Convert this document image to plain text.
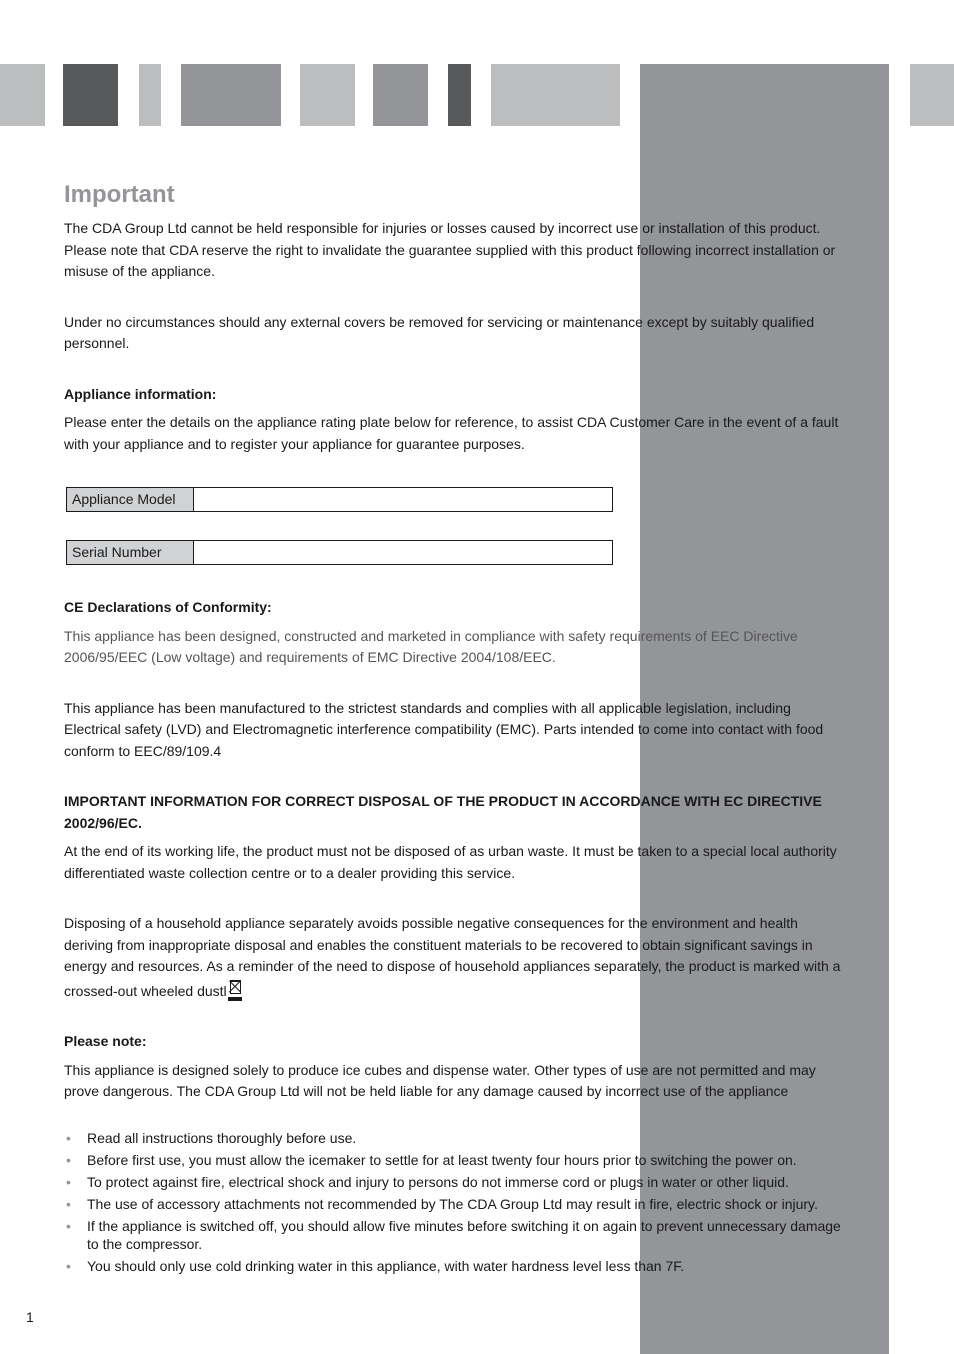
Important

The CDA Group Ltd cannot be held responsible for injuries or losses caused by incorrect use or installation of this product. Please note that CDA reserve the right to invalidate the guarantee supplied with this product following incorrect installation or misuse of the appliance.

Under no circumstances should any external covers be removed for servicing or maintenance except by suitably qualified personnel.

Appliance information:

Please enter the details on the appliance rating plate below for reference, to assist CDA Customer Care in the event of a fault with your appliance and to register your appliance for guarantee purposes.

Appliance Model	
Serial Number	
CE Declarations of Conformity:

This appliance has been designed, constructed and marketed in compliance with safety requirements of EEC Directive 2006/95/EEC (Low voltage) and requirements of EMC Directive 2004/108/EEC.

This appliance has been manufactured to the strictest standards and complies with all applicable legislation, including Electrical safety (LVD) and Electromagnetic interference compatibility (EMC). Parts intended to come into contact with food conform to EEC/89/109.4

IMPORTANT INFORMATION FOR CORRECT DISPOSAL OF THE PRODUCT IN ACCORDANCE WITH EC DIRECTIVE 2002/96/EC.

At the end of its working life, the product must not be disposed of as urban waste. It must be taken to a special local authority differentiated waste collection centre or to a dealer providing this service.

Disposing of a household appliance separately avoids possible negative consequences for the environment and health deriving from inappropriate disposal and enables the constituent materials to be recovered to obtain significant savings in energy and resources. As a reminder of the need to dispose of household appliances separately, the product is marked with a crossed-out wheeled dustl

Please note:

This appliance is designed solely to produce ice cubes and dispense water. Other types of use are not permitted and may prove dangerous. The CDA Group Ltd will not be held liable for any damage caused by incorrect use of the appliance

• Read all instructions thoroughly before use.
• Before first use, you must allow the icemaker to settle for at least twenty four hours prior to switching the power on.
• To protect against fire, electrical shock and injury to persons do not immerse cord or plugs in water or other liquid.
• The use of accessory attachments not recommended by The CDA Group Ltd may result in fire, electric shock or injury.
• If the appliance is switched off, you should allow five minutes before switching it on again to prevent unnecessary damage to the compressor.
• You should only use cold drinking water in this appliance, with water hardness level less than 7F.
1
